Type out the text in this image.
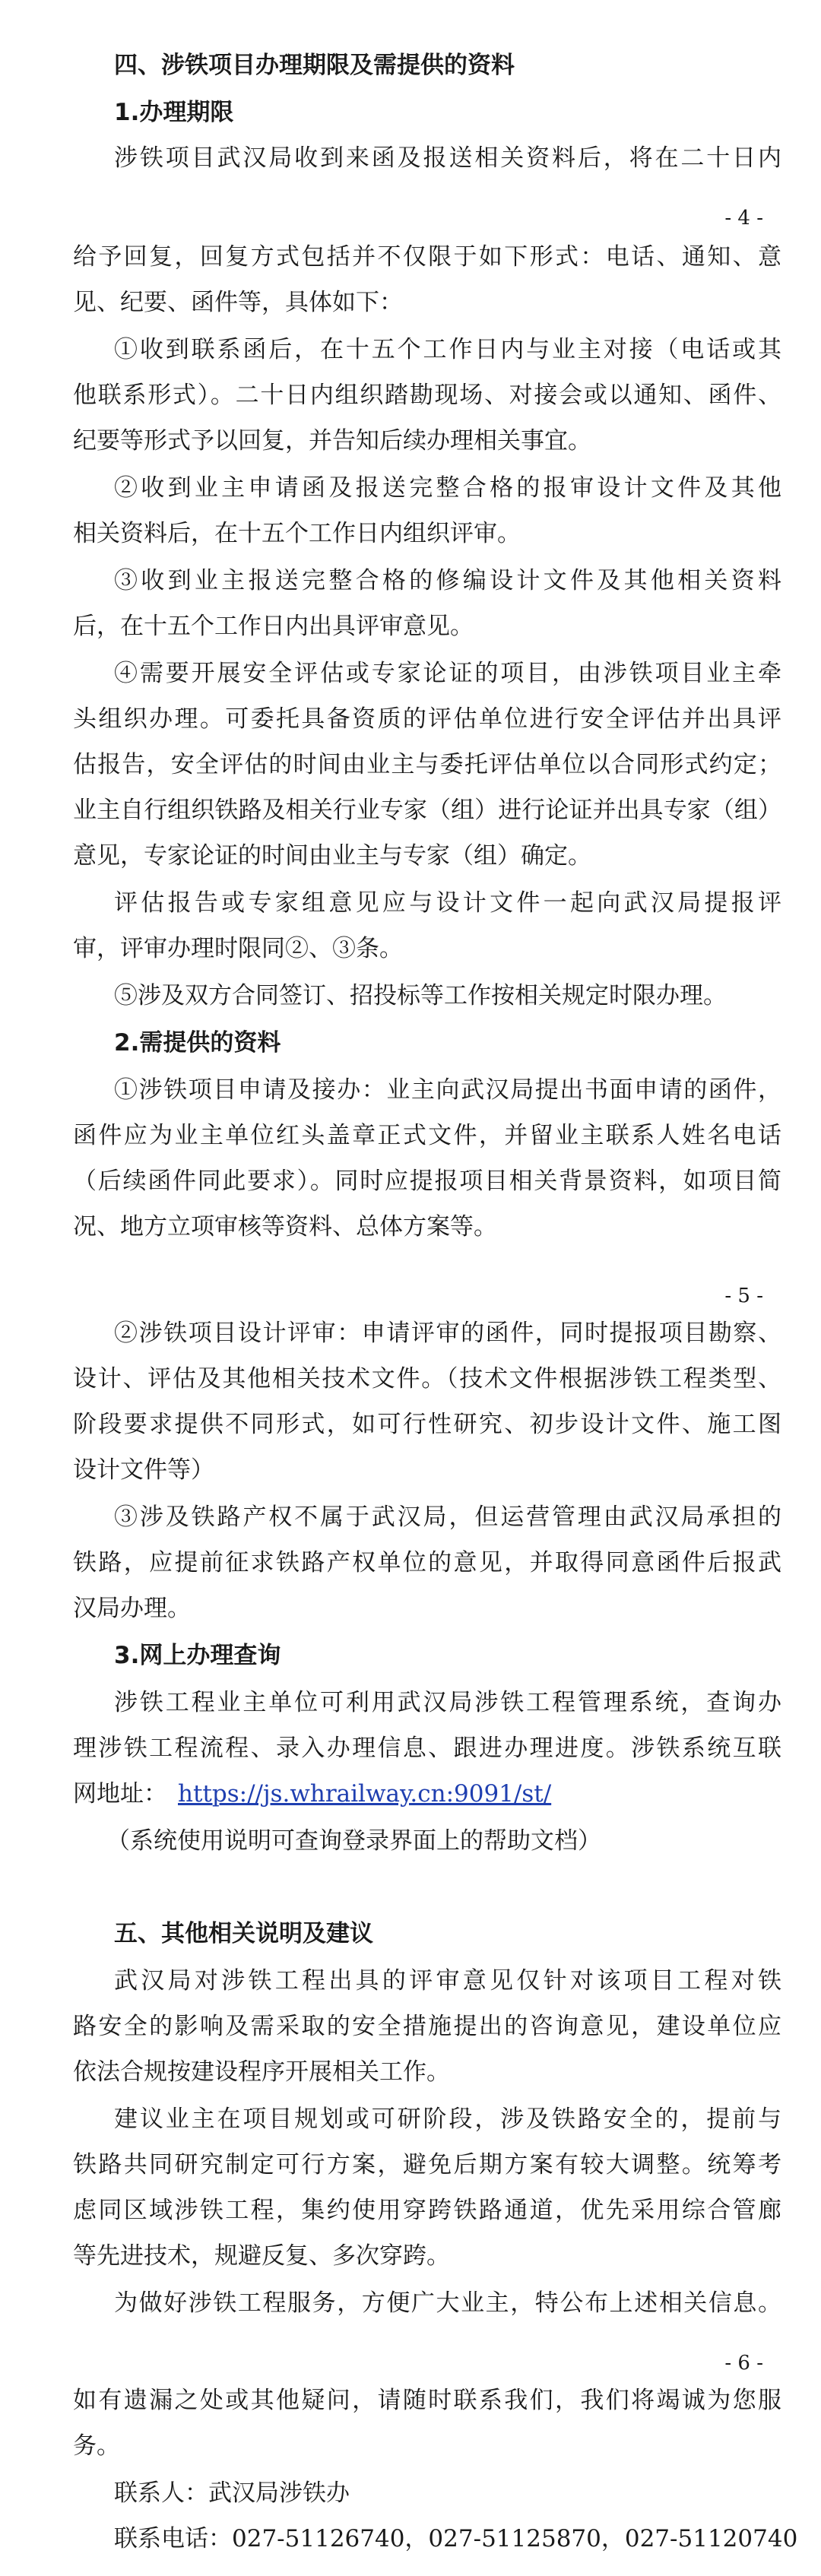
四、涉铁项目办理期限及需提供的资料
1.办理期限
涉铁项目武汉局收到来函及报送相关资料后，将在二十日内
- 4 -
给予回复，回复方式包括并不仅限于如下形式：电话、通知、意
见、纪要、函件等，具体如下：
①收到联系函后，在十五个工作日内与业主对接（电话或其
他联系形式）。二十日内组织踏勘现场、对接会或以通知、函件、
纪要等形式予以回复，并告知后续办理相关事宜。
②收到业主申请函及报送完整合格的报审设计文件及其他
相关资料后，在十五个工作日内组织评审。
③收到业主报送完整合格的修编设计文件及其他相关资料
后，在十五个工作日内出具评审意见。
④需要开展安全评估或专家论证的项目，由涉铁项目业主牵
头组织办理。可委托具备资质的评估单位进行安全评估并出具评
估报告，安全评估的时间由业主与委托评估单位以合同形式约定；
业主自行组织铁路及相关行业专家（组）进行论证并出具专家（组）
意见，专家论证的时间由业主与专家（组）确定。
评估报告或专家组意见应与设计文件一起向武汉局提报评
审，评审办理时限同②、③条。
⑤涉及双方合同签订、招投标等工作按相关规定时限办理。
2.需提供的资料
①涉铁项目申请及接办：业主向武汉局提出书面申请的函件，
函件应为业主单位红头盖章正式文件，并留业主联系人姓名电话
（后续函件同此要求）。同时应提报项目相关背景资料，如项目简
况、地方立项审核等资料、总体方案等。
- 5 -
②涉铁项目设计评审：申请评审的函件，同时提报项目勘察、
设计、评估及其他相关技术文件。（技术文件根据涉铁工程类型、
阶段要求提供不同形式，如可行性研究、初步设计文件、施工图
设计文件等）
③涉及铁路产权不属于武汉局，但运营管理由武汉局承担的
铁路，应提前征求铁路产权单位的意见，并取得同意函件后报武
汉局办理。
3.网上办理查询
涉铁工程业主单位可利用武汉局涉铁工程管理系统，查询办
理涉铁工程流程、录入办理信息、跟进办理进度。涉铁系统互联
网地址： https://js.whrailway.cn:9091/st/
（系统使用说明可查询登录界面上的帮助文档）
五、其他相关说明及建议
武汉局对涉铁工程出具的评审意见仅针对该项目工程对铁
路安全的影响及需采取的安全措施提出的咨询意见，建设单位应
依法合规按建设程序开展相关工作。
建议业主在项目规划或可研阶段，涉及铁路安全的，提前与
铁路共同研究制定可行方案，避免后期方案有较大调整。统筹考
虑同区域涉铁工程，集约使用穿跨铁路通道，优先采用综合管廊
等先进技术，规避反复、多次穿跨。
为做好涉铁工程服务，方便广大业主，特公布上述相关信息。
- 6 -
如有遗漏之处或其他疑问，请随时联系我们，我们将竭诚为您服
务。
联系人：武汉局涉铁办
联系电话：027-51126740，027-51125870，027-51120740
